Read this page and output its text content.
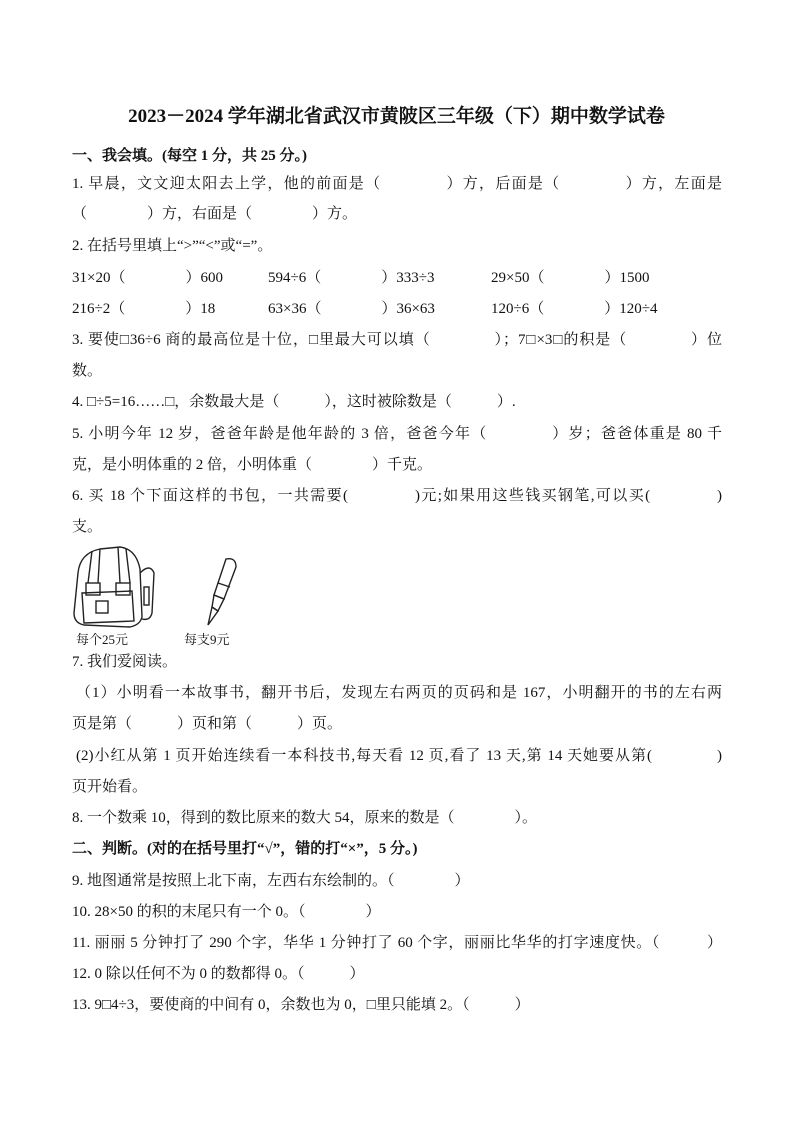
2023－2024 学年湖北省武汉市黄陂区三年级（下）期中数学试卷
一、我会填。(每空 1 分，共 25 分。)
1. 早晨，文文迎太阳去上学，他的前面是（　　　　）方，后面是（　　　　）方，左面是
（　　　　）方，右面是（　　　　）方。
2. 在括号里填上“>”“<”或“=”。
31×20（　　　　）600	594÷6（　　　　）333÷3	29×50（　　　　）1500
216÷2（　　　　）18	63×36（　　　　）36×63	120÷6（　　　　）120÷4
3. 要使□36÷6 商的最高位是十位，□里最大可以填（　　　　）；7□×3□的积是（　　　　）位
数。
4. □÷5=16……□，余数最大是（　　　），这时被除数是（　　　）.
5. 小明今年 12 岁，爸爸年龄是他年龄的 3 倍，爸爸今年（　　　　）岁；爸爸体重是 80 千
克，是小明体重的 2 倍，小明体重（　　　　）千克。
6. 买 18 个下面这样的书包，一共需要(　　　　)元;如果用这些钱买钢笔,可以买(　　　　)
支。
每个25元	每支9元
7. 我们爱阅读。
（1）小明看一本故事书，翻开书后，发现左右两页的页码和是 167，小明翻开的书的左右两
页是第（　　　）页和第（　　　）页。
(2)小红从第 1 页开始连续看一本科技书,每天看 12 页,看了 13 天,第 14 天她要从第(　　　　)
页开始看。
8. 一个数乘 10，得到的数比原来的数大 54，原来的数是（　　　　）。
二、判断。(对的在括号里打“√”，错的打“×”，5 分。)
9. 地图通常是按照上北下南，左西右东绘制的。（　　　　）
10. 28×50 的积的末尾只有一个 0。（　　　　）
11. 丽丽 5 分钟打了 290 个字，华华 1 分钟打了 60 个字，丽丽比华华的打字速度快。（　　　）
12. 0 除以任何不为 0 的数都得 0。（　　　）
13. 9□4÷3，要使商的中间有 0，余数也为 0，□里只能填 2。（　　　）
